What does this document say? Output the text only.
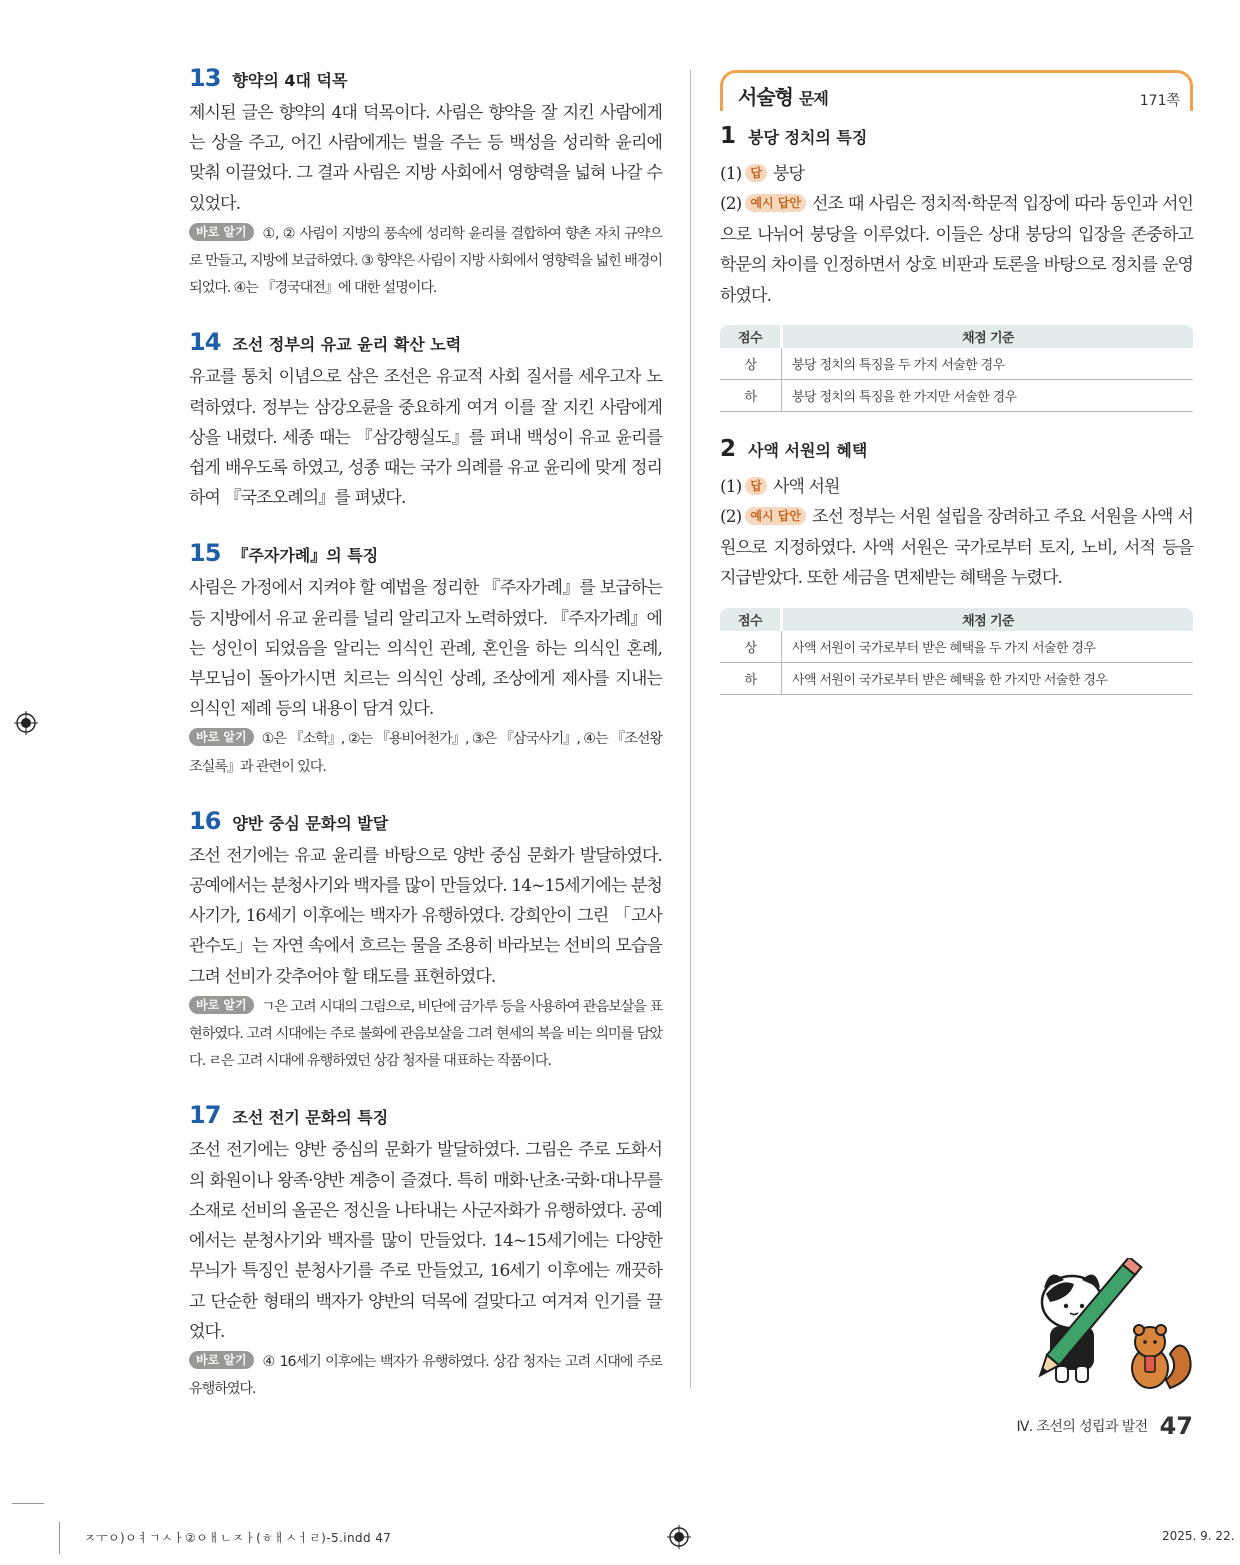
13 향약의 4대 덕목
제시된 글은 향약의 4대 덕목이다. 사림은 향약을 잘 지킨 사람에게는 상을 주고, 어긴 사람에게는 벌을 주는 등 백성을 성리학 윤리에 맞춰 이끌었다. 그 결과 사림은 지방 사회에서 영향력을 넓혀 나갈 수 있었다.
바로 알기 ①, ② 사림이 지방의 풍속에 성리학 윤리를 결합하여 향촌 자치 규약으로 만들고, 지방에 보급하였다. ③ 향약은 사림이 지방 사회에서 영향력을 넓힌 배경이 되었다. ④는 『경국대전』에 대한 설명이다.
14 조선 정부의 유교 윤리 확산 노력
유교를 통치 이념으로 삼은 조선은 유교적 사회 질서를 세우고자 노력하였다. 정부는 삼강오륜을 중요하게 여겨 이를 잘 지킨 사람에게 상을 내렸다. 세종 때는 『삼강행실도』를 펴내 백성이 유교 윤리를 쉽게 배우도록 하였고, 성종 때는 국가 의례를 유교 윤리에 맞게 정리하여 『국조오례의』를 펴냈다.
15 『주자가례』의 특징
사림은 가정에서 지켜야 할 예법을 정리한 『주자가례』를 보급하는 등 지방에서 유교 윤리를 널리 알리고자 노력하였다. 『주자가례』에는 성인이 되었음을 알리는 의식인 관례, 혼인을 하는 의식인 혼례, 부모님이 돌아가시면 치르는 의식인 상례, 조상에게 제사를 지내는 의식인 제례 등의 내용이 담겨 있다.
바로 알기 ①은 『소학』, ②는 『용비어천가』, ③은 『삼국사기』, ④는 『조선왕조실록』과 관련이 있다.
16 양반 중심 문화의 발달
조선 전기에는 유교 윤리를 바탕으로 양반 중심 문화가 발달하였다. 공예에서는 분청사기와 백자를 많이 만들었다. 14~15세기에는 분청사기가, 16세기 이후에는 백자가 유행하였다. 강희안이 그린 「고사관수도」는 자연 속에서 흐르는 물을 조용히 바라보는 선비의 모습을 그려 선비가 갖추어야 할 태도를 표현하였다.
바로 알기 ㄱ은 고려 시대의 그림으로, 비단에 금가루 등을 사용하여 관음보살을 표현하였다. 고려 시대에는 주로 불화에 관음보살을 그려 현세의 복을 비는 의미를 담았다. ㄹ은 고려 시대에 유행하였던 상감 청자를 대표하는 작품이다.
17 조선 전기 문화의 특징
조선 전기에는 양반 중심의 문화가 발달하였다. 그림은 주로 도화서의 화원이나 왕족·양반 계층이 즐겼다. 특히 매화·난초·국화·대나무를 소재로 선비의 올곧은 정신을 나타내는 사군자화가 유행하였다. 공예에서는 분청사기와 백자를 많이 만들었다. 14~15세기에는 다양한 무늬가 특징인 분청사기를 주로 만들었고, 16세기 이후에는 깨끗하고 단순한 형태의 백자가 양반의 덕목에 걸맞다고 여겨져 인기를 끌었다.
바로 알기 ④ 16세기 이후에는 백자가 유행하였다. 상감 청자는 고려 시대에 주로 유행하였다.
서술형 문제	171쪽
1 붕당 정치의 특징
(1) 답 붕당
(2) 예시 답안 선조 때 사림은 정치적·학문적 입장에 따라 동인과 서인으로 나뉘어 붕당을 이루었다. 이들은 상대 붕당의 입장을 존중하고 학문의 차이를 인정하면서 상호 비판과 토론을 바탕으로 정치를 운영하였다.
점수	채점 기준
상	붕당 정치의 특징을 두 가지 서술한 경우
하	붕당 정치의 특징을 한 가지만 서술한 경우
2 사액 서원의 혜택
(1) 답 사액 서원
(2) 예시 답안 조선 정부는 서원 설립을 장려하고 주요 서원을 사액 서원으로 지정하였다. 사액 서원은 국가로부터 토지, 노비, 서적 등을 지급받았다. 또한 세금을 면제받는 혜택을 누렸다.
점수	채점 기준
상	사액 서원이 국가로부터 받은 혜택을 두 가지 서술한 경우
하	사액 서원이 국가로부터 받은 혜택을 한 가지만 서술한 경우
Ⅳ. 조선의 성립과 발전 47
ㅈㅜㅇ)ㅇㅕㄱㅅㅏ②ㅇㅐㄴㅈㅏ(ㅎㅐㅅㅓㄹ)-5.indd 47	2025. 9. 22.
